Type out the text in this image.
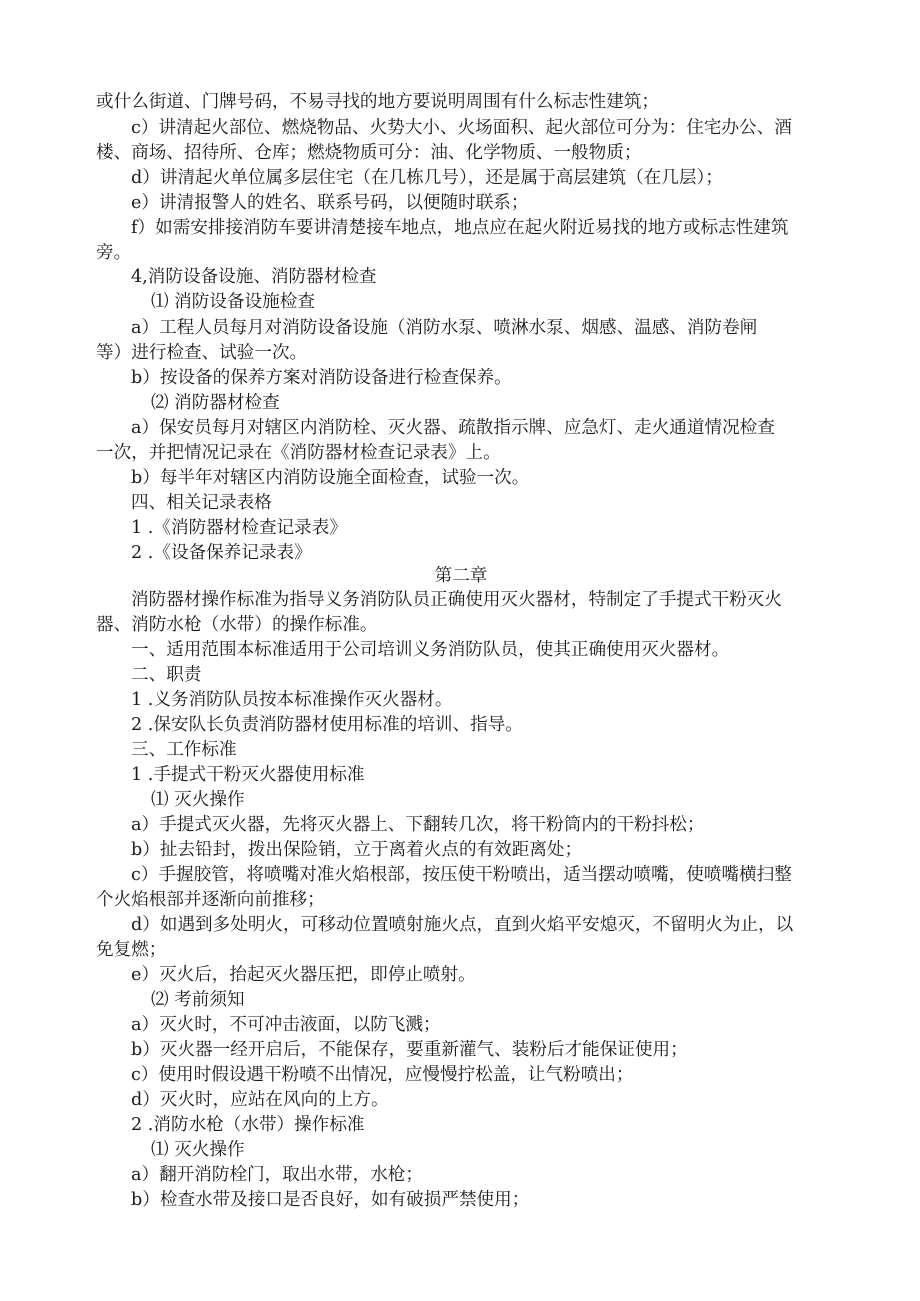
或什么街道、门牌号码，不易寻找的地方要说明周围有什么标志性建筑；
c）讲清起火部位、燃烧物品、火势大小、火场面积、起火部位可分为：住宅办公、酒
楼、商场、招待所、仓库；燃烧物质可分：油、化学物质、一般物质；
d）讲清起火单位属多层住宅（在几栋几号），还是属于高层建筑（在几层）；
e）讲清报警人的姓名、联系号码，以便随时联系；
f）如需安排接消防车要讲清楚接车地点，地点应在起火附近易找的地方或标志性建筑
旁。
4,消防设备设施、消防器材检查
⑴ 消防设备设施检查
a）工程人员每月对消防设备设施（消防水泵、喷淋水泵、烟感、温感、消防卷闸
等）进行检查、试验一次。
b）按设备的保养方案对消防设备进行检查保养。
⑵ 消防器材检查
a）保安员每月对辖区内消防栓、灭火器、疏散指示牌、应急灯、走火通道情况检查
一次，并把情况记录在《消防器材检查记录表》上。
b）每半年对辖区内消防设施全面检查，试验一次。
四、相关记录表格
1 .《消防器材检查记录表》
2 .《设备保养记录表》
第二章
消防器材操作标准为指导义务消防队员正确使用灭火器材，特制定了手提式干粉灭火
器、消防水枪（水带）的操作标准。
一、适用范围本标准适用于公司培训义务消防队员，使其正确使用灭火器材。
二、职责
1 .义务消防队员按本标准操作灭火器材。
2 .保安队长负责消防器材使用标准的培训、指导。
三、工作标准
1 .手提式干粉灭火器使用标准
⑴ 灭火操作
a）手提式灭火器，先将灭火器上、下翻转几次，将干粉筒内的干粉抖松；
b）扯去铅封，拨出保险销，立于离着火点的有效距离处；
c）手握胶管，将喷嘴对准火焰根部，按压使干粉喷出，适当摆动喷嘴，使喷嘴横扫整
个火焰根部并逐渐向前推移；
d）如遇到多处明火，可移动位置喷射施火点，直到火焰平安熄灭，不留明火为止，以
免复燃；
e）灭火后，抬起灭火器压把，即停止喷射。
⑵ 考前须知
a）灭火时，不可冲击液面，以防飞溅；
b）灭火器一经开启后，不能保存，要重新灌气、装粉后才能保证使用；
c）使用时假设遇干粉喷不出情况，应慢慢拧松盖，让气粉喷出；
d）灭火时，应站在风向的上方。
2 .消防水枪（水带）操作标准
⑴ 灭火操作
a）翻开消防栓门，取出水带，水枪；
b）检查水带及接口是否良好，如有破损严禁使用；
